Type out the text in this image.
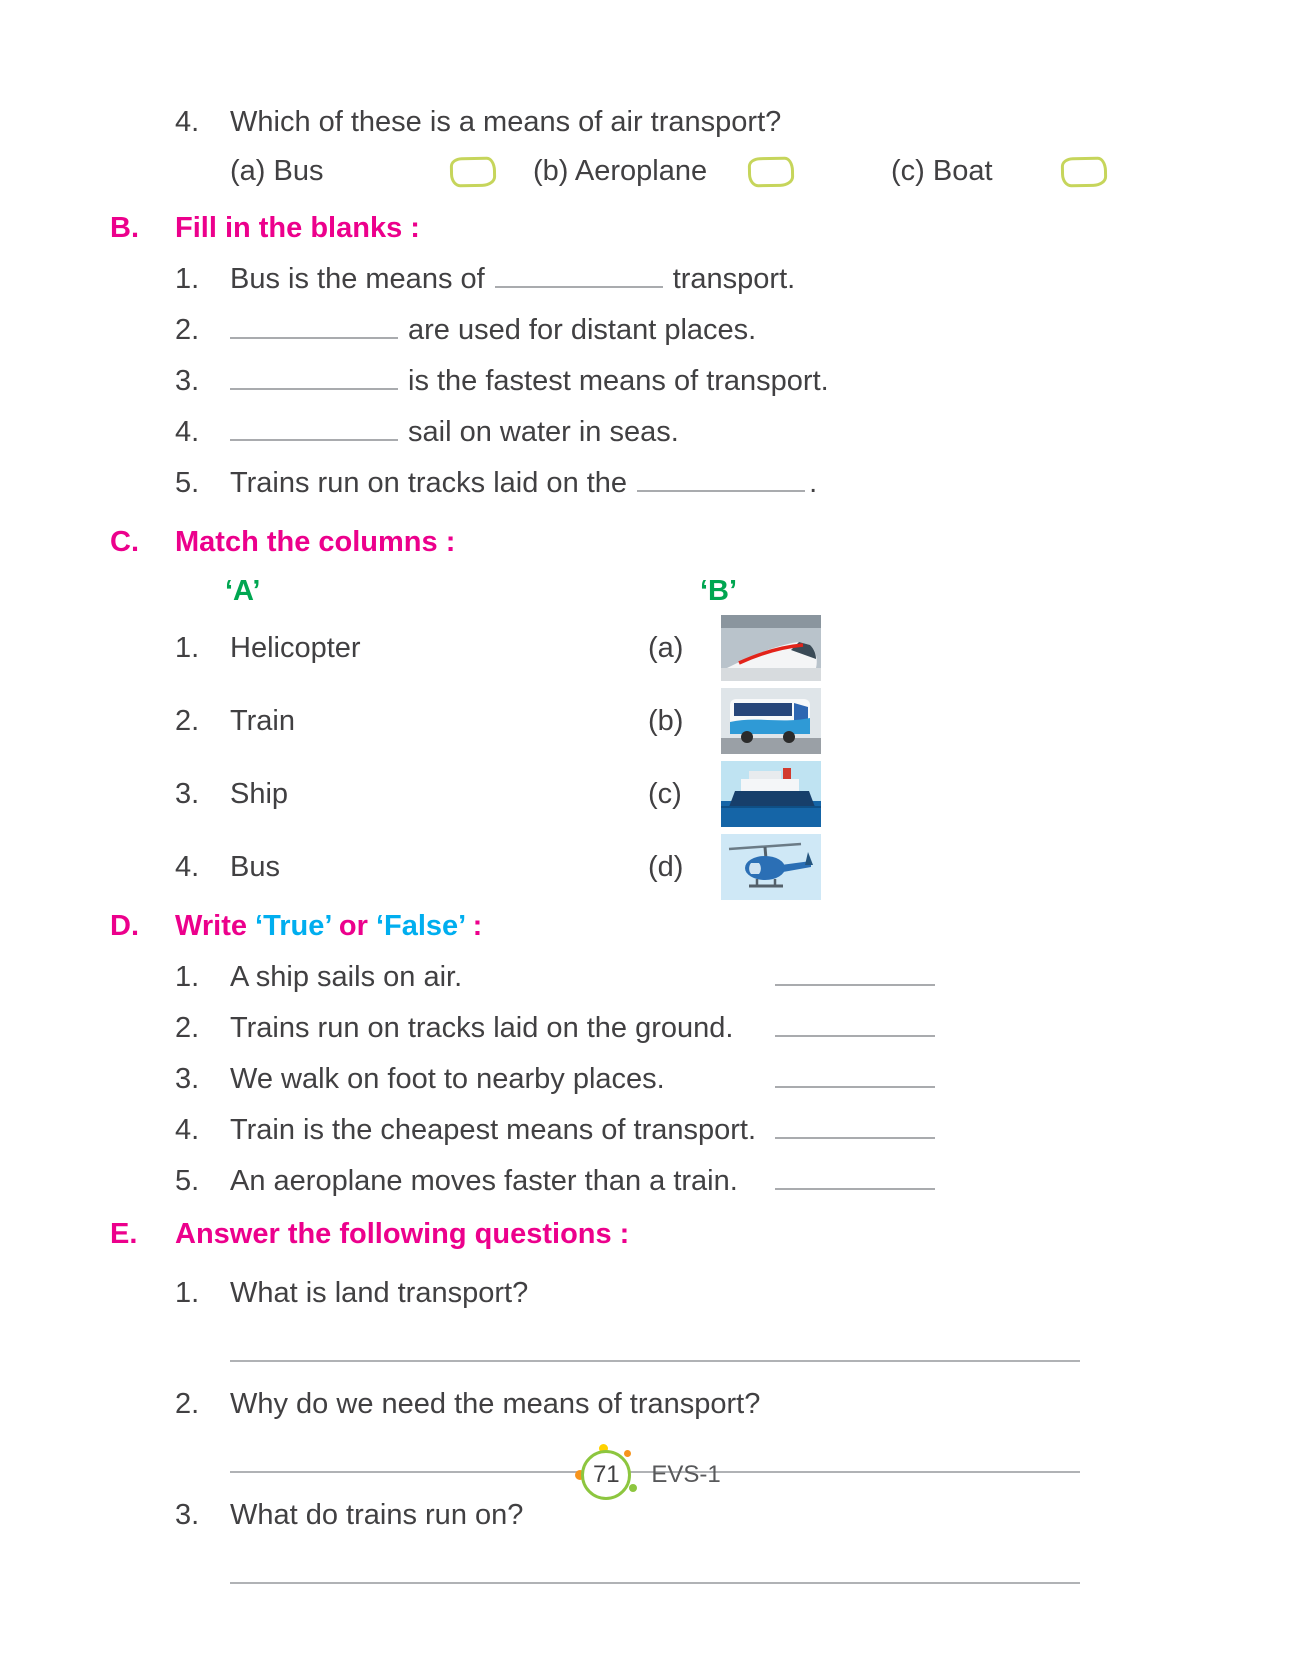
4.	Which of these is a means of air transport?
(a) Bus	(b) Aeroplane	(c) Boat
B.	Fill in the blanks :
1.	Bus is the means of	transport.
2.	are used for distant places.
3.	is the fastest means of transport.
4.	sail on water in seas.
5.	Trains run on tracks laid on the	.
C.	Match the columns :
‘A’	‘B’
1.	Helicopter	(a)
2.	Train	(b)
3.	Ship	(c)
4.	Bus	(d)
D.	Write ‘True’ or ‘False’ :
1.	A ship sails on air.
2.	Trains run on tracks laid on the ground.
3.	We walk on foot to nearby places.
4.	Train is the cheapest means of transport.
5.	An aeroplane moves faster than a train.
E.	Answer the following questions :
1.	What is land transport?
2.	Why do we need the means of transport?
3.	What do trains run on?
71	EVS-1
